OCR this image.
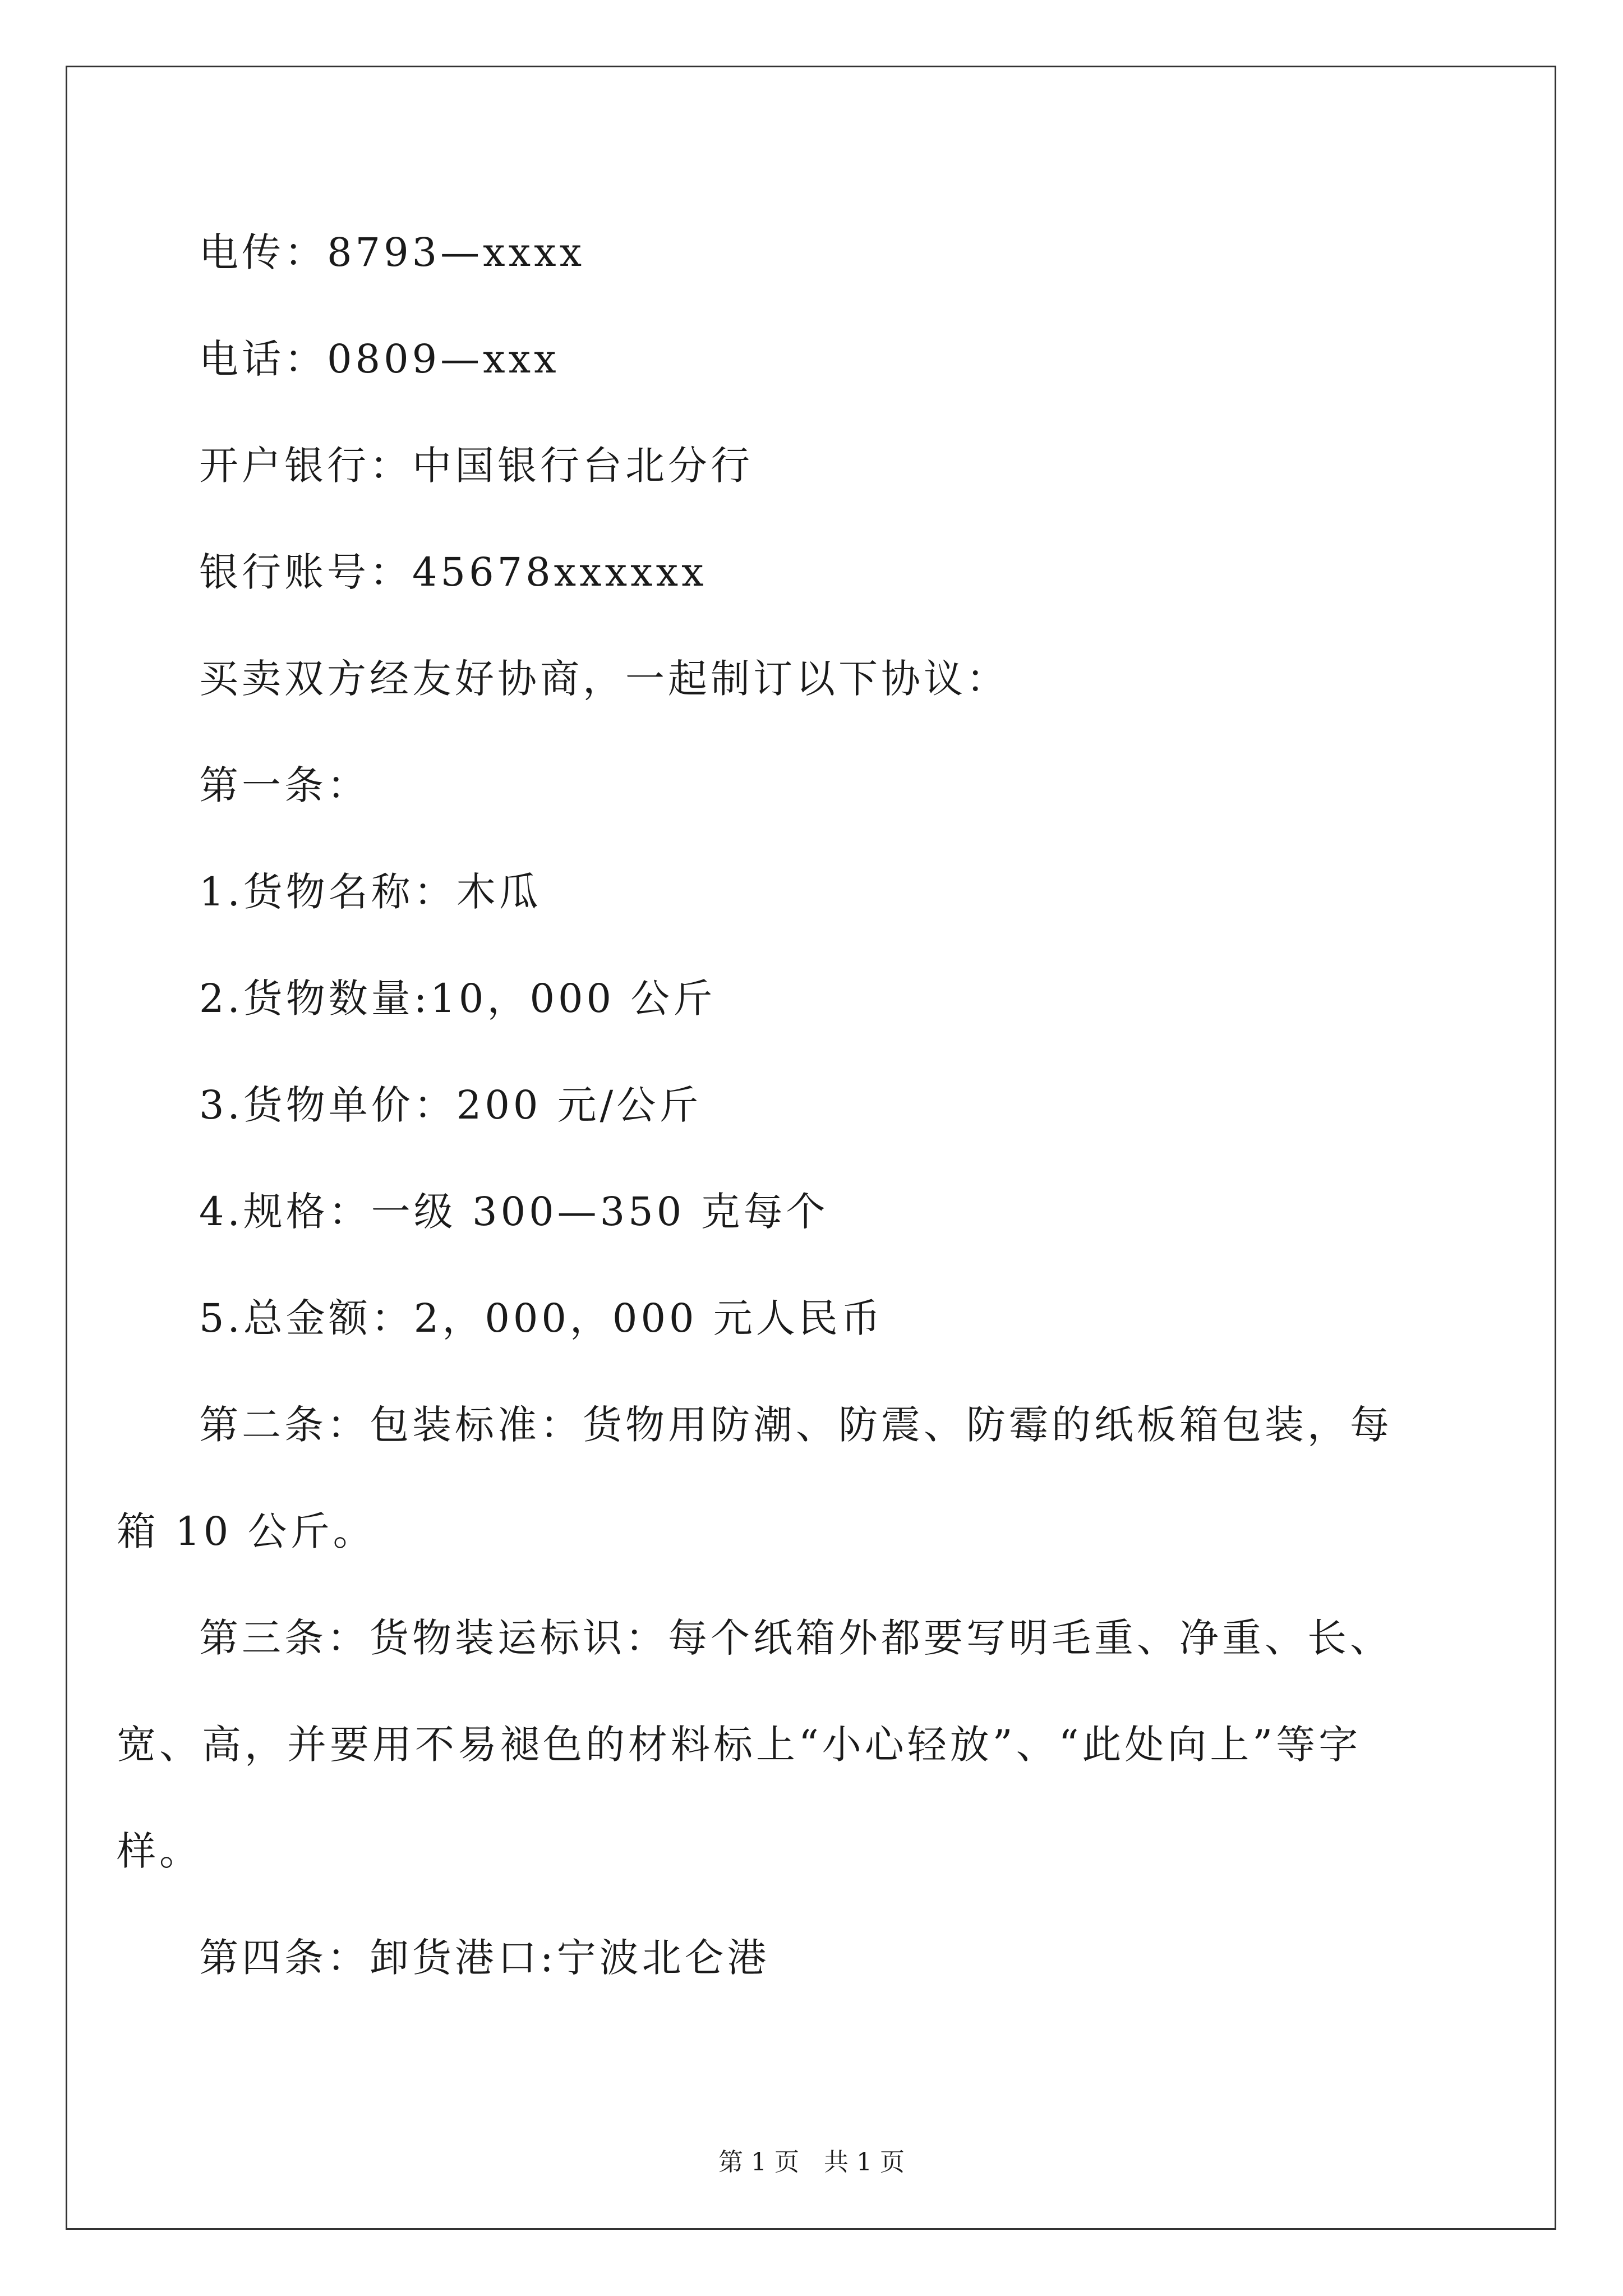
电传：8793—xxxx
电话：0809—xxx
开户银行：中国银行台北分行
银行账号：45678xxxxxx
买卖双方经友好协商，一起制订以下协议：
第一条：
1.货物名称：木瓜
2.货物数量:10，000 公斤
3.货物单价：200 元/公斤
4.规格：一级 300—350 克每个
5.总金额：2，000，000 元人民币
第二条：包装标准：货物用防潮、防震、防霉的纸板箱包装，每
箱 10 公斤。
第三条：货物装运标识：每个纸箱外都要写明毛重、净重、长、
宽、高，并要用不易褪色的材料标上“小心轻放”、“此处向上”等字
样。
第四条：卸货港口:宁波北仑港
第 1 页　共 1 页
